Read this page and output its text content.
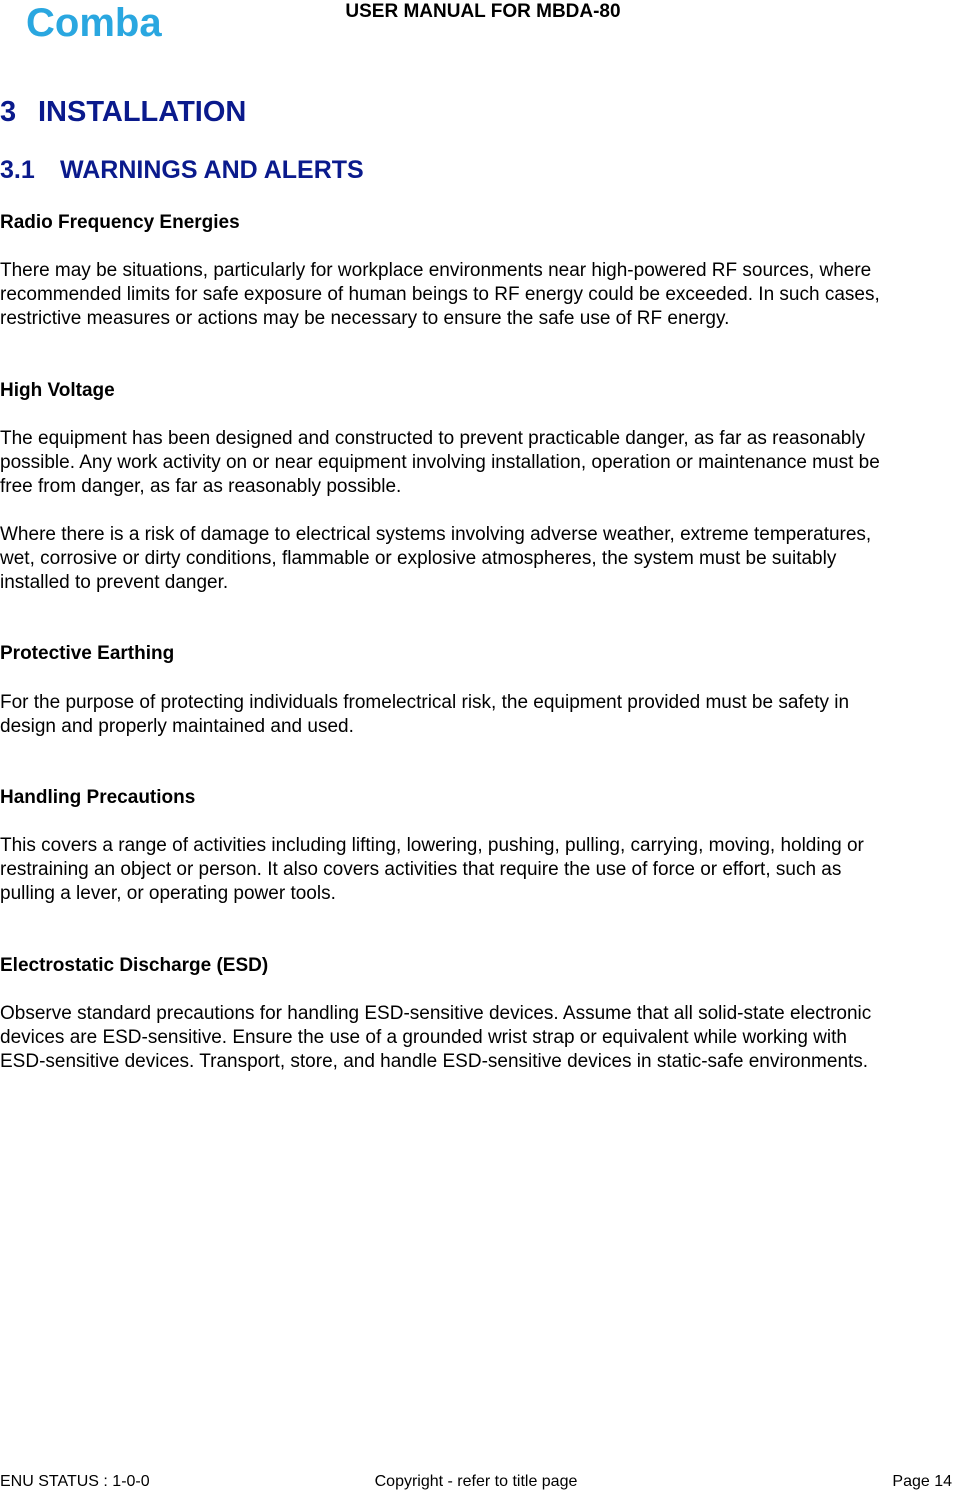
Comba	USER MANUAL FOR MBDA-80
3 INSTALLATION
3.1 WARNINGS AND ALERTS

Radio Frequency Energies

There may be situations, particularly for workplace environments near high-powered RF sources, where
recommended limits for safe exposure of human beings to RF energy could be exceeded. In such cases,
restrictive measures or actions may be necessary to ensure the safe use of RF energy.

High Voltage

The equipment has been designed and constructed to prevent practicable danger, as far as reasonably
possible. Any work activity on or near equipment involving installation, operation or maintenance must be
free from danger, as far as reasonably possible.

Where there is a risk of damage to electrical systems involving adverse weather, extreme temperatures,
wet, corrosive or dirty conditions, flammable or explosive atmospheres, the system must be suitably
installed to prevent danger.

Protective Earthing

For the purpose of protecting individuals fromelectrical risk, the equipment provided must be safety in
design and properly maintained and used.

Handling Precautions

This covers a range of activities including lifting, lowering, pushing, pulling, carrying, moving, holding or
restraining an object or person. It also covers activities that require the use of force or effort, such as
pulling a lever, or operating power tools.

Electrostatic Discharge (ESD)

Observe standard precautions for handling ESD-sensitive devices. Assume that all solid-state electronic
devices are ESD-sensitive. Ensure the use of a grounded wrist strap or equivalent while working with
ESD-sensitive devices. Transport, store, and handle ESD-sensitive devices in static-safe environments.

ENU STATUS : 1-0-0	Copyright - refer to title page	Page 14
